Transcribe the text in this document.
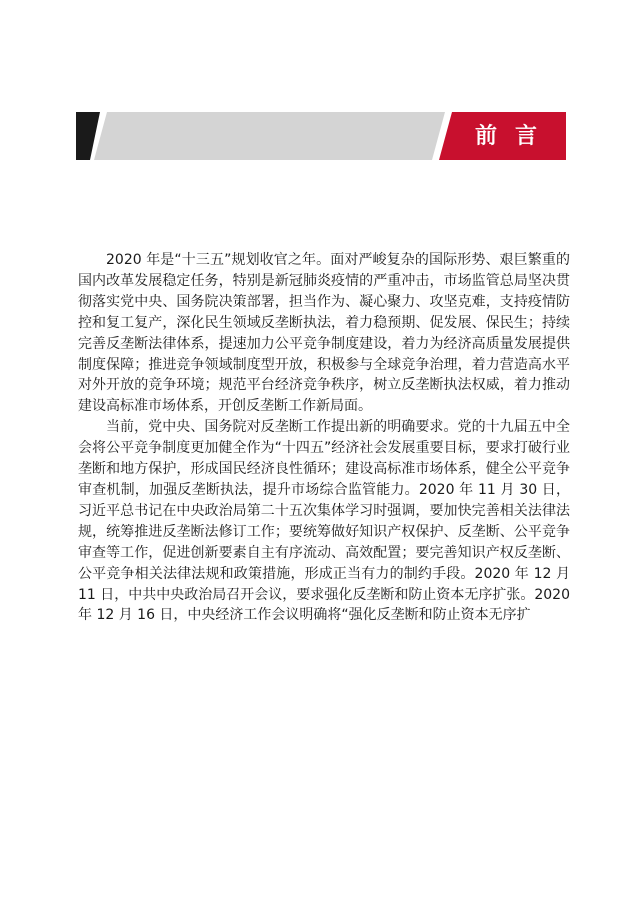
前言

2020 年是“十三五”规划收官之年。面对严峻复杂的国际形势、艰巨繁重的国内改革发展稳定任务，特别是新冠肺炎疫情的严重冲击，市场监管总局坚决贯彻落实党中央、国务院决策部署，担当作为、凝心聚力、攻坚克难，支持疫情防控和复工复产，深化民生领域反垄断执法，着力稳预期、促发展、保民生；持续完善反垄断法律体系，提速加力公平竞争制度建设，着力为经济高质量发展提供制度保障；推进竞争领域制度型开放，积极参与全球竞争治理，着力营造高水平对外开放的竞争环境；规范平台经济竞争秩序，树立反垄断执法权威，着力推动建设高标准市场体系，开创反垄断工作新局面。

当前，党中央、国务院对反垄断工作提出新的明确要求。党的十九届五中全会将公平竞争制度更加健全作为“十四五”经济社会发展重要目标，要求打破行业垄断和地方保护，形成国民经济良性循环；建设高标准市场体系，健全公平竞争审查机制，加强反垄断执法，提升市场综合监管能力。2020 年 11 月 30 日，习近平总书记在中央政治局第二十五次集体学习时强调，要加快完善相关法律法规，统筹推进反垄断法修订工作；要统筹做好知识产权保护、反垄断、公平竞争审查等工作，促进创新要素自主有序流动、高效配置；要完善知识产权反垄断、公平竞争相关法律法规和政策措施，形成正当有力的制约手段。2020 年 12 月 11 日，中共中央政治局召开会议，要求强化反垄断和防止资本无序扩张。2020 年 12 月 16 日，中央经济工作会议明确将“强化反垄断和防止资本无序扩
